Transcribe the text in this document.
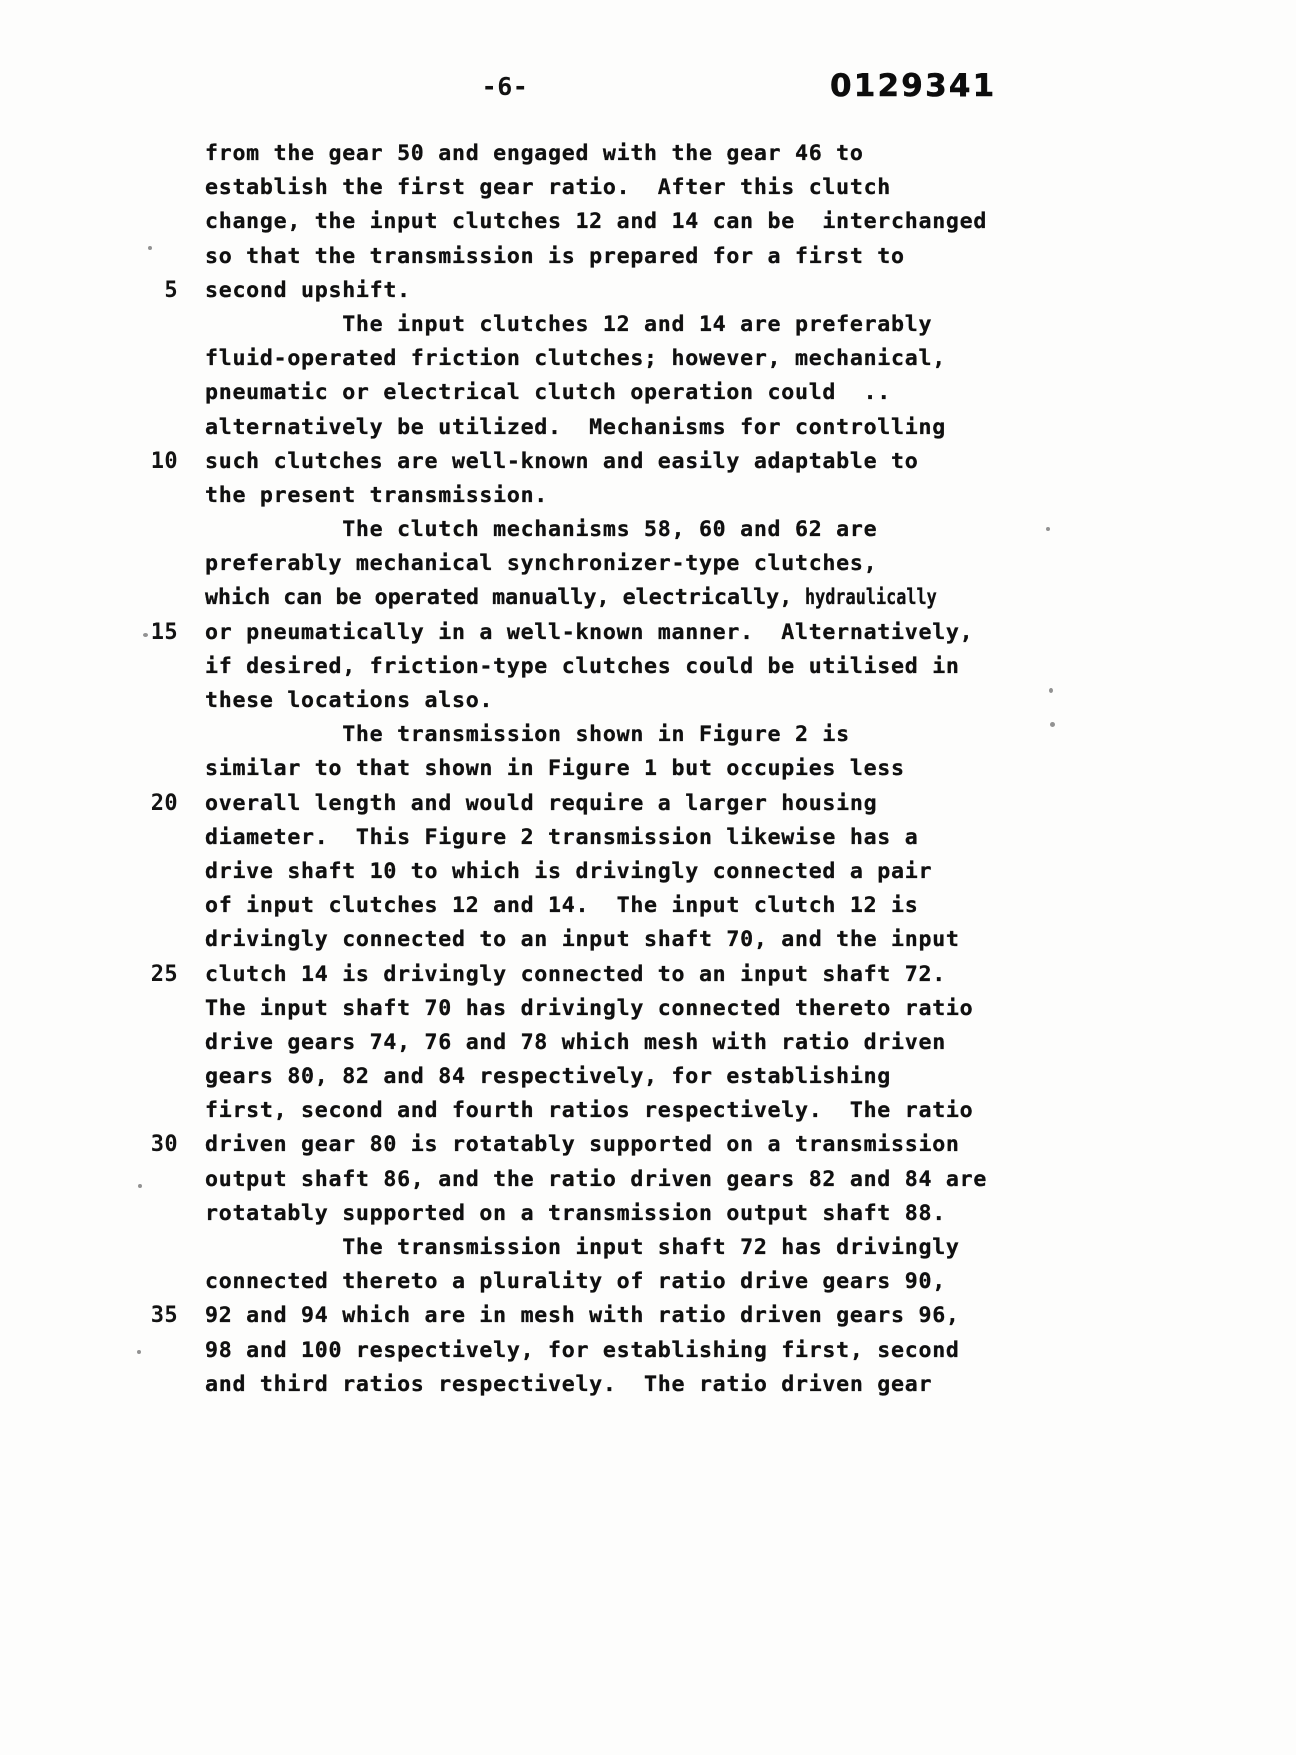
-6-	0129341
from the gear 50 and engaged with the gear 46 to
establish the first gear ratio.  After this clutch
change, the input clutches 12 and 14 can be  interchanged
so that the transmission is prepared for a first to
5 second upshift.
The input clutches 12 and 14 are preferably
fluid-operated friction clutches; however, mechanical,
pneumatic or electrical clutch operation could  ..
alternatively be utilized.  Mechanisms for controlling
10 such clutches are well-known and easily adaptable to
the present transmission.
The clutch mechanisms 58, 60 and 62 are
preferably mechanical synchronizer-type clutches,
which can be operated manually, electrically, hydraulically
15 or pneumatically in a well-known manner.  Alternatively,
if desired, friction-type clutches could be utilised in
these locations also.
The transmission shown in Figure 2 is
similar to that shown in Figure 1 but occupies less
20 overall length and would require a larger housing
diameter.  This Figure 2 transmission likewise has a
drive shaft 10 to which is drivingly connected a pair
of input clutches 12 and 14.  The input clutch 12 is
drivingly connected to an input shaft 70, and the input
25 clutch 14 is drivingly connected to an input shaft 72.
The input shaft 70 has drivingly connected thereto ratio
drive gears 74, 76 and 78 which mesh with ratio driven
gears 80, 82 and 84 respectively, for establishing
first, second and fourth ratios respectively.  The ratio
30 driven gear 80 is rotatably supported on a transmission
output shaft 86, and the ratio driven gears 82 and 84 are
rotatably supported on a transmission output shaft 88.
The transmission input shaft 72 has drivingly
connected thereto a plurality of ratio drive gears 90,
35 92 and 94 which are in mesh with ratio driven gears 96,
98 and 100 respectively, for establishing first, second
and third ratios respectively.  The ratio driven gear
